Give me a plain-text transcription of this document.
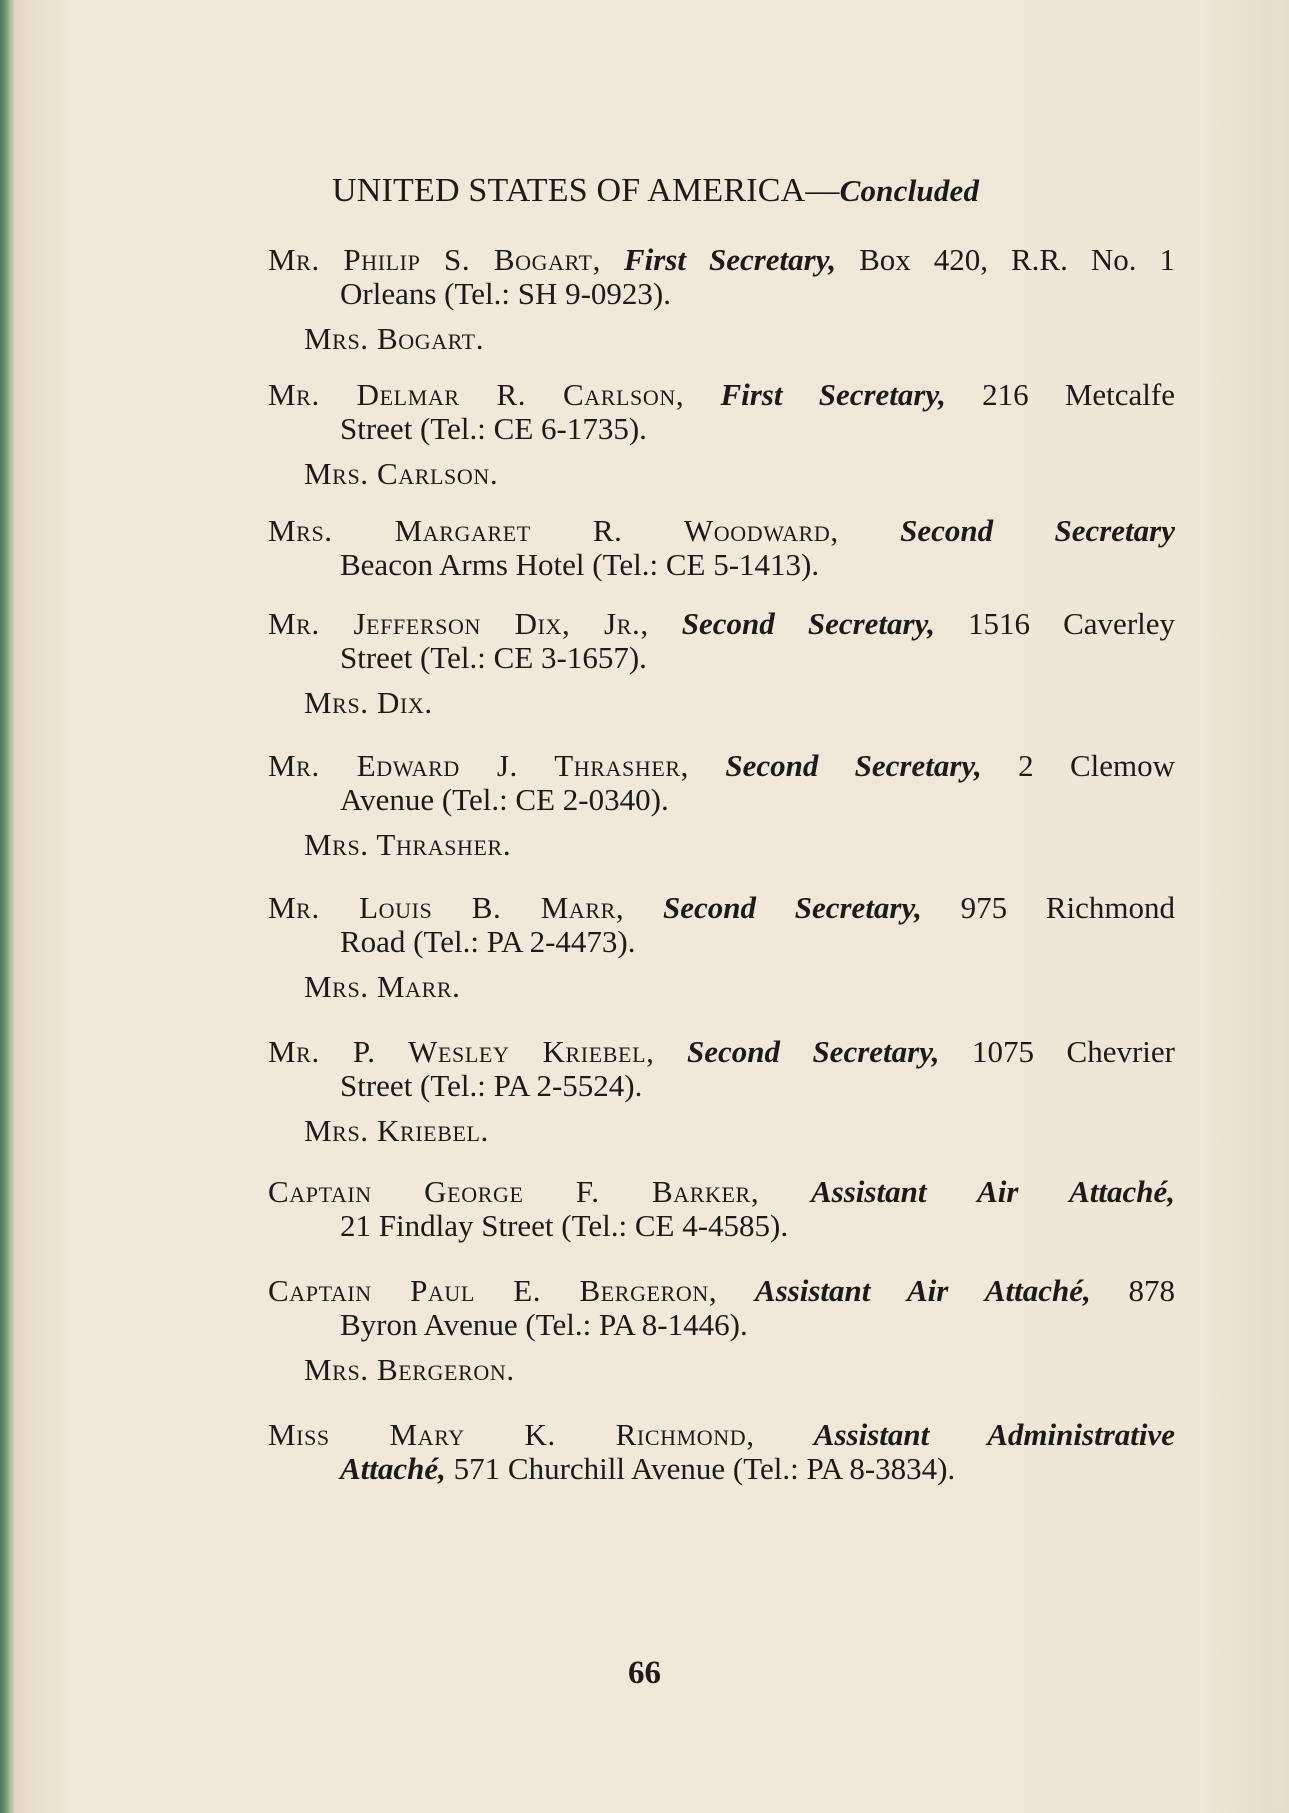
UNITED STATES OF AMERICA—Concluded
Mr. Philip S. Bogart, First Secretary, Box 420, R.R. No. 1
Orleans (Tel.: SH 9-0923).
Mrs. Bogart.
Mr. Delmar R. Carlson, First Secretary, 216 Metcalfe
Street (Tel.: CE 6-1735).
Mrs. Carlson.
Mrs. Margaret R. Woodward, Second Secretary
Beacon Arms Hotel (Tel.: CE 5-1413).
Mr. Jefferson Dix, Jr., Second Secretary, 1516 Caverley
Street (Tel.: CE 3-1657).
Mrs. Dix.
Mr. Edward J. Thrasher, Second Secretary, 2 Clemow
Avenue (Tel.: CE 2-0340).
Mrs. Thrasher.
Mr. Louis B. Marr, Second Secretary, 975 Richmond
Road (Tel.: PA 2-4473).
Mrs. Marr.
Mr. P. Wesley Kriebel, Second Secretary, 1075 Chevrier
Street (Tel.: PA 2-5524).
Mrs. Kriebel.
Captain George F. Barker, Assistant Air Attaché,
21 Findlay Street (Tel.: CE 4-4585).
Captain Paul E. Bergeron, Assistant Air Attaché, 878
Byron Avenue (Tel.: PA 8-1446).
Mrs. Bergeron.
Miss Mary K. Richmond, Assistant Administrative
Attaché, 571 Churchill Avenue (Tel.: PA 8-3834).
66
